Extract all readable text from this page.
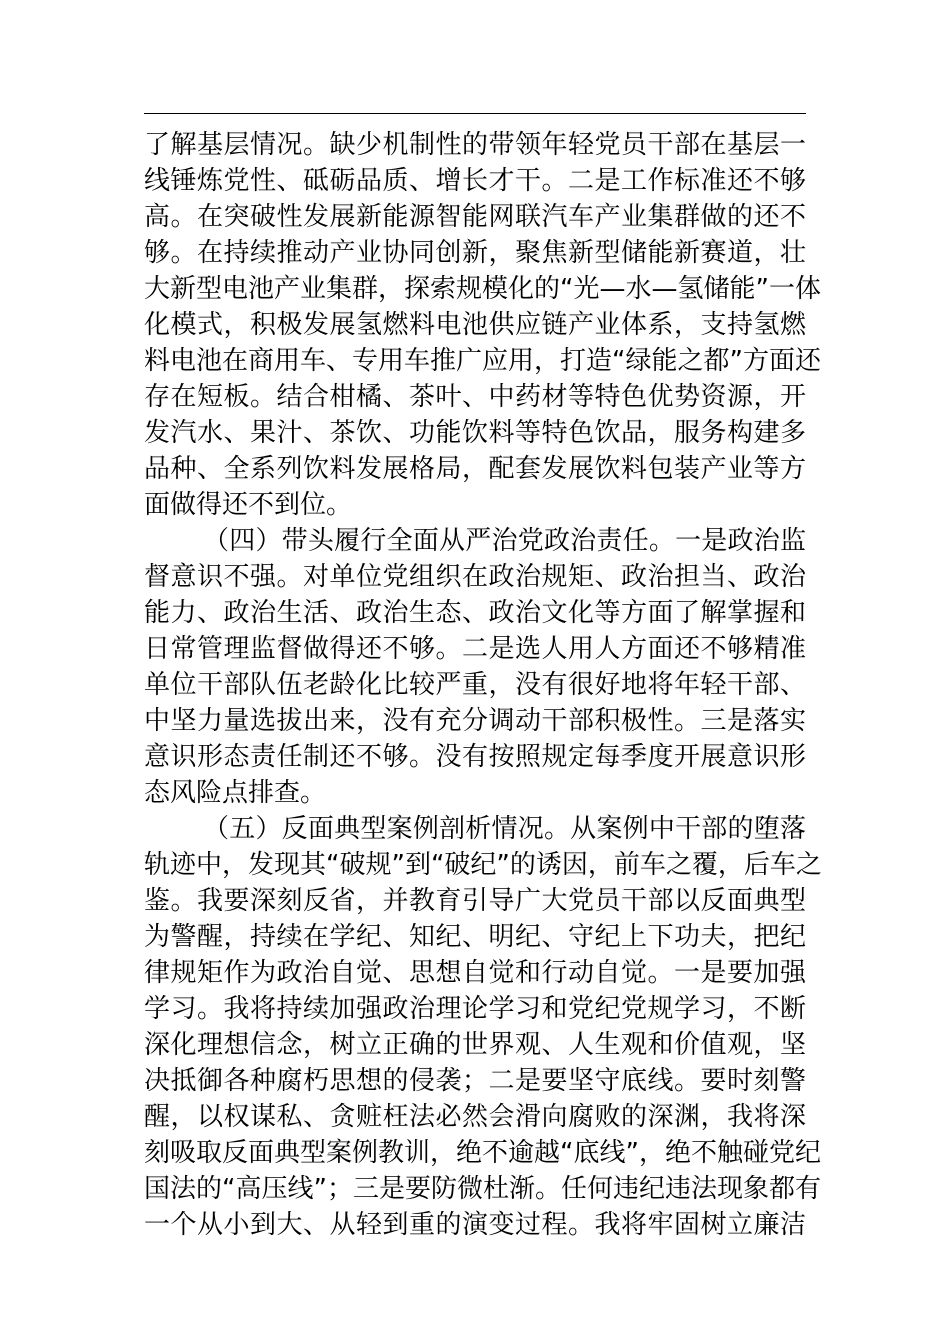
了解基层情况。缺少机制性的带领年轻党员干部在基层一
线锤炼党性、砥砺品质、增长才干。二是工作标准还不够
高。在突破性发展新能源智能网联汽车产业集群做的还不
够。在持续推动产业协同创新，聚焦新型储能新赛道，壮
大新型电池产业集群，探索规模化的“光—水—氢储能”一体
化模式，积极发展氢燃料电池供应链产业体系，支持氢燃
料电池在商用车、专用车推广应用，打造“绿能之都”方面还
存在短板。结合柑橘、茶叶、中药材等特色优势资源，开
发汽水、果汁、茶饮、功能饮料等特色饮品，服务构建多
品种、全系列饮料发展格局，配套发展饮料包装产业等方
面做得还不到位。
（四）带头履行全面从严治党政治责任。一是政治监
督意识不强。对单位党组织在政治规矩、政治担当、政治
能力、政治生活、政治生态、政治文化等方面了解掌握和
日常管理监督做得还不够。二是选人用人方面还不够精准
单位干部队伍老龄化比较严重，没有很好地将年轻干部、
中坚力量选拔出来，没有充分调动干部积极性。三是落实
意识形态责任制还不够。没有按照规定每季度开展意识形
态风险点排查。
（五）反面典型案例剖析情况。从案例中干部的堕落
轨迹中，发现其“破规”到“破纪”的诱因，前车之覆，后车之
鉴。我要深刻反省，并教育引导广大党员干部以反面典型
为警醒，持续在学纪、知纪、明纪、守纪上下功夫，把纪
律规矩作为政治自觉、思想自觉和行动自觉。一是要加强
学习。我将持续加强政治理论学习和党纪党规学习，不断
深化理想信念，树立正确的世界观、人生观和价值观，坚
决抵御各种腐朽思想的侵袭；二是要坚守底线。要时刻警
醒，以权谋私、贪赃枉法必然会滑向腐败的深渊，我将深
刻吸取反面典型案例教训，绝不逾越“底线”，绝不触碰党纪
国法的“高压线”；三是要防微杜渐。任何违纪违法现象都有
一个从小到大、从轻到重的演变过程。我将牢固树立廉洁
